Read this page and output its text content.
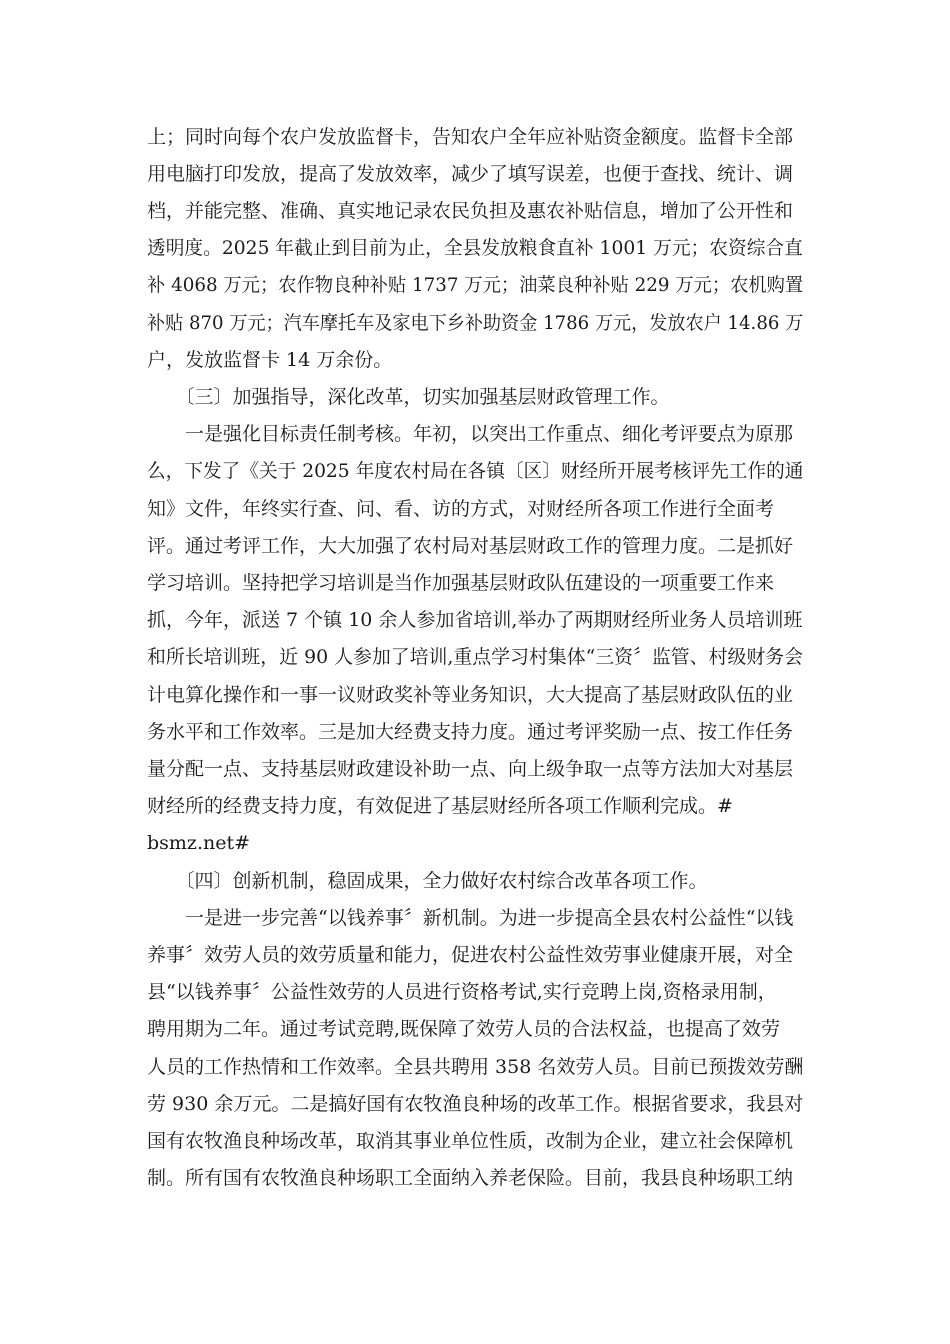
上；同时向每个农户发放监督卡，告知农户全年应补贴资金额度。监督卡全部
用电脑打印发放，提高了发放效率，减少了填写误差，也便于查找、统计、调
档，并能完整、准确、真实地记录农民负担及惠农补贴信息，增加了公开性和
透明度。2025 年截止到目前为止，全县发放粮食直补 1001 万元；农资综合直
补 4068 万元；农作物良种补贴 1737 万元；油菜良种补贴 229 万元；农机购置
补贴 870 万元；汽车摩托车及家电下乡补助资金 1786 万元，发放农户 14.86 万
户，发放监督卡 14 万余份。
　　〔三〕加强指导，深化改革，切实加强基层财政管理工作。
　　一是强化目标责任制考核。年初，以突出工作重点、细化考评要点为原那
么，下发了《关于 2025 年度农村局在各镇〔区〕财经所开展考核评先工作的通
知》文件，年终实行查、问、看、访的方式，对财经所各项工作进行全面考
评。通过考评工作，大大加强了农村局对基层财政工作的管理力度。二是抓好
学习培训。坚持把学习培训是当作加强基层财政队伍建设的一项重要工作来
抓，今年，派送 7 个镇 10 余人参加省培训,举办了两期财经所业务人员培训班
和所长培训班，近 90 人参加了培训,重点学习村集体“三资〞监管、村级财务会
计电算化操作和一事一议财政奖补等业务知识，大大提高了基层财政队伍的业
务水平和工作效率。三是加大经费支持力度。通过考评奖励一点、按工作任务
量分配一点、支持基层财政建设补助一点、向上级争取一点等方法加大对基层
财经所的经费支持力度，有效促进了基层财经所各项工作顺利完成。#
bsmz.net#
　　〔四〕创新机制，稳固成果，全力做好农村综合改革各项工作。
　　一是进一步完善“以钱养事〞新机制。为进一步提高全县农村公益性“以钱
养事〞效劳人员的效劳质量和能力，促进农村公益性效劳事业健康开展，对全
县“以钱养事〞公益性效劳的人员进行资格考试,实行竞聘上岗,资格录用制，
聘用期为二年。通过考试竞聘,既保障了效劳人员的合法权益，也提高了效劳
人员的工作热情和工作效率。全县共聘用 358 名效劳人员。目前已预拨效劳酬
劳 930 余万元。二是搞好国有农牧渔良种场的改革工作。根据省要求，我县对
国有农牧渔良种场改革，取消其事业单位性质，改制为企业，建立社会保障机
制。所有国有农牧渔良种场职工全面纳入养老保险。目前，我县良种场职工纳
